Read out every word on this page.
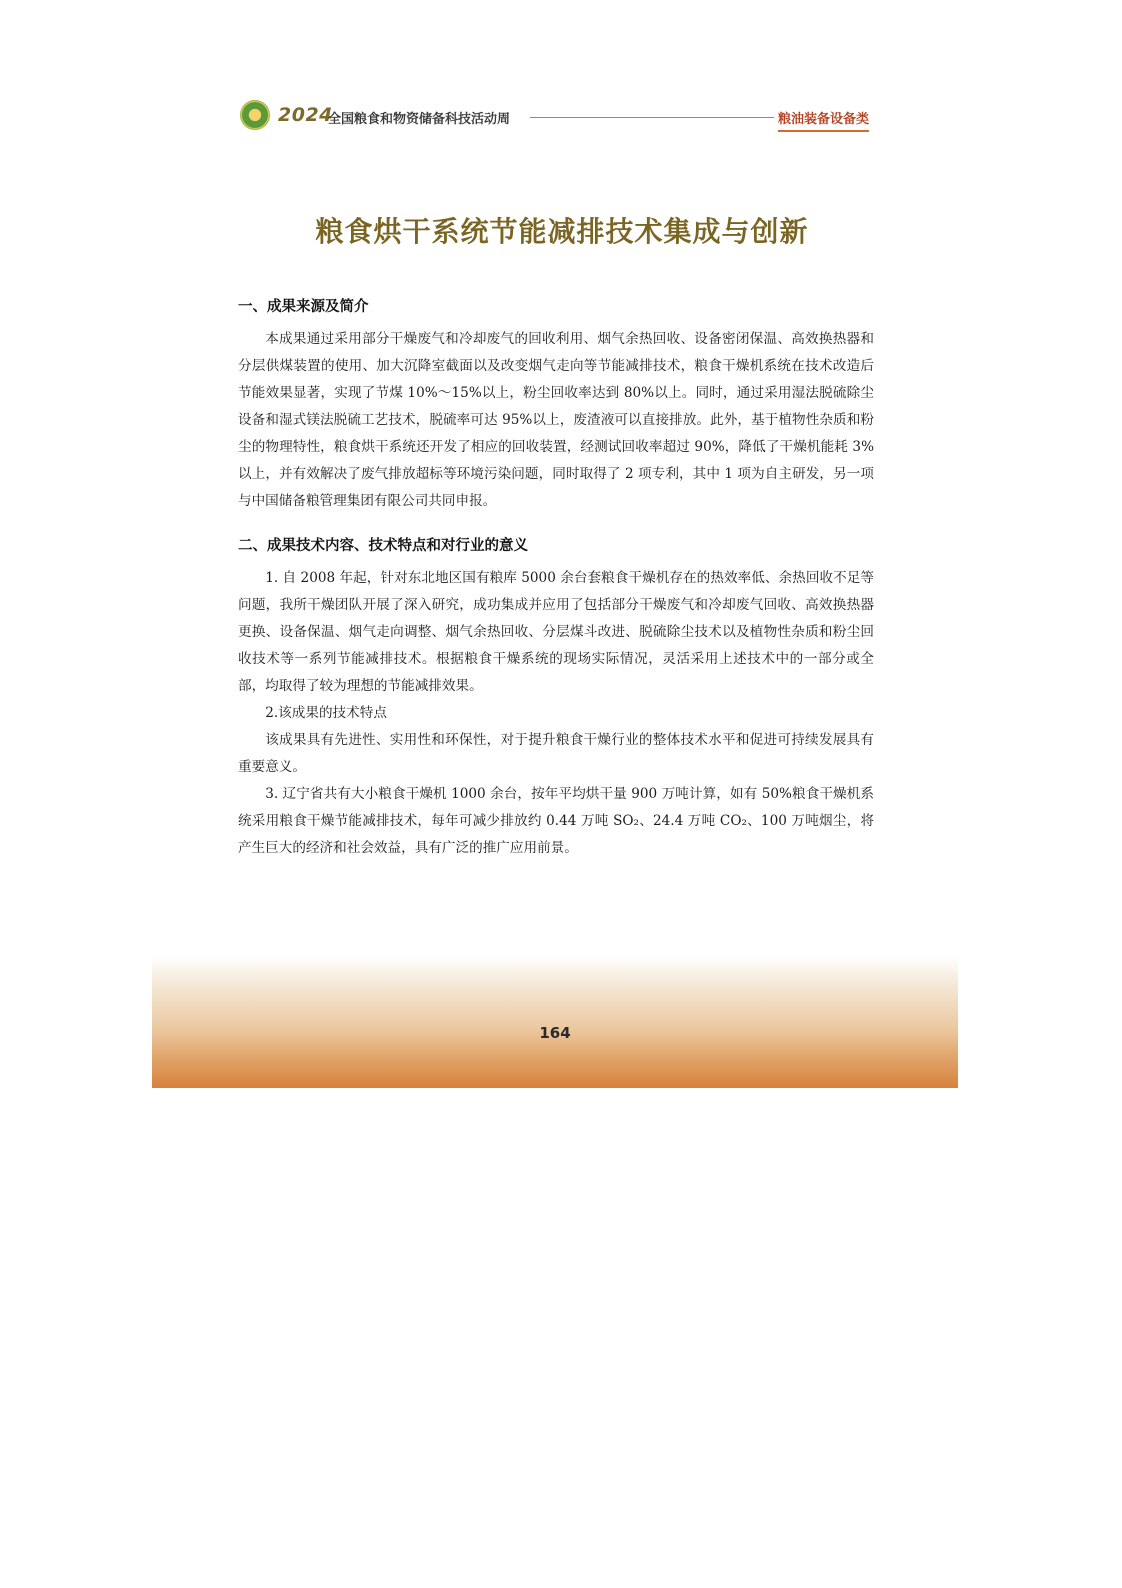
2024
全国粮食和物资储备科技活动周	粮油装备设备类
粮食烘干系统节能减排技术集成与创新
一、成果来源及简介

本成果通过采用部分干燥废气和冷却废气的回收利用、烟气余热回收、设备密闭保温、高效换热器和分层供煤装置的使用、加大沉降室截面以及改变烟气走向等节能减排技术，粮食干燥机系统在技术改造后节能效果显著，实现了节煤 10%～15%以上，粉尘回收率达到 80%以上。同时，通过采用湿法脱硫除尘设备和湿式镁法脱硫工艺技术，脱硫率可达 95%以上，废渣液可以直接排放。此外，基于植物性杂质和粉尘的物理特性，粮食烘干系统还开发了相应的回收装置，经测试回收率超过 90%，降低了干燥机能耗 3%以上，并有效解决了废气排放超标等环境污染问题，同时取得了 2 项专利，其中 1 项为自主研发，另一项与中国储备粮管理集团有限公司共同申报。

二、成果技术内容、技术特点和对行业的意义

1. 自 2008 年起，针对东北地区国有粮库 5000 余台套粮食干燥机存在的热效率低、余热回收不足等问题，我所干燥团队开展了深入研究，成功集成并应用了包括部分干燥废气和冷却废气回收、高效换热器更换、设备保温、烟气走向调整、烟气余热回收、分层煤斗改进、脱硫除尘技术以及植物性杂质和粉尘回收技术等一系列节能减排技术。根据粮食干燥系统的现场实际情况，灵活采用上述技术中的一部分或全部，均取得了较为理想的节能减排效果。

2.该成果的技术特点

该成果具有先进性、实用性和环保性，对于提升粮食干燥行业的整体技术水平和促进可持续发展具有重要意义。

3. 辽宁省共有大小粮食干燥机 1000 余台，按年平均烘干量 900 万吨计算，如有 50%粮食干燥机系统采用粮食干燥节能减排技术，每年可减少排放约 0.44 万吨 SO₂、24.4 万吨 CO₂、100 万吨烟尘，将产生巨大的经济和社会效益，具有广泛的推广应用前景。

164
